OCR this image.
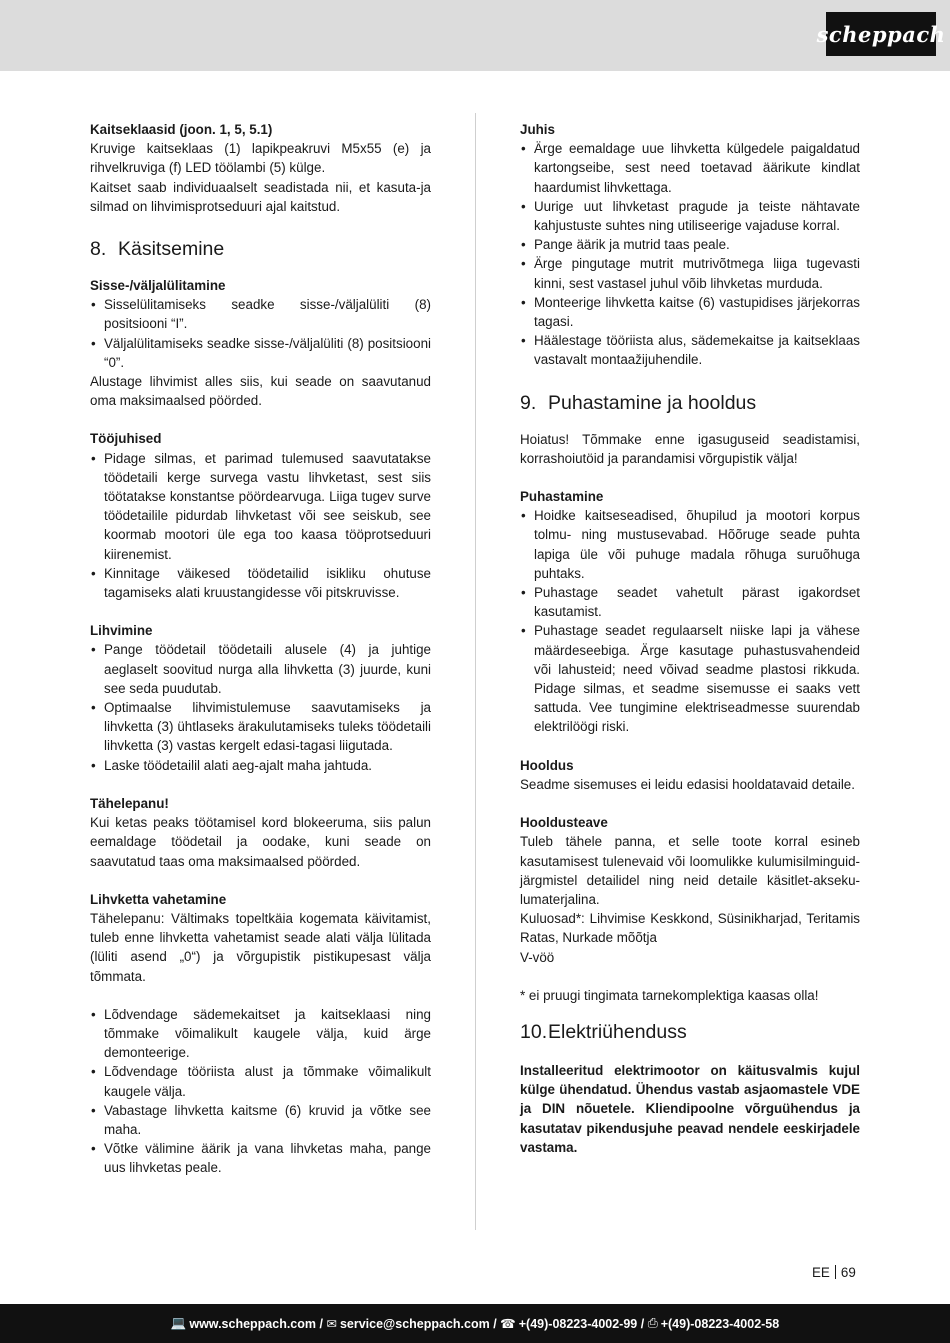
scheppach

Kaitseklaasid (joon. 1, 5, 5.1)

Kruvige kaitseklaas (1) lapikpeakruvi M5x55 (e) ja rihvelkruviga (f) LED töölambi (5) külge.

Kaitset saab individuaalselt seadistada nii, et kasuta-ja silmad on lihvimisprotseduuri ajal kaitstud.

8. Käsitsemine

Sisse-/väljalülitamine

• Sisselülitamiseks seadke sisse-/väljalüliti (8) positsiooni “I”.
• Väljalülitamiseks seadke sisse-/väljalüliti (8) positsiooni “0”.

Alustage lihvimist alles siis, kui seade on saavutanud oma maksimaalsed pöörded.

Tööjuhised

• Pidage silmas, et parimad tulemused saavutatakse töödetaili kerge survega vastu lihvketast, sest siis töötatakse konstantse pöördearvuga. Liiga tugev surve töödetailile pidurdab lihvketast või see seiskub, see koormab mootori üle ega too kaasa tööprotseduuri kiirenemist.
• Kinnitage väikesed töödetailid isikliku ohutuse tagamiseks alati kruustangidesse või pitskruvisse.

Lihvimine

• Pange töödetail töödetaili alusele (4) ja juhtige aeglaselt soovitud nurga alla lihvketta (3) juurde, kuni see seda puudutab.
• Optimaalse lihvimistulemuse saavutamiseks ja lihvketta (3) ühtlaseks ärakulutamiseks tuleks töödetaili lihvketta (3) vastas kergelt edasi-tagasi liigutada.
• Laske töödetailil alati aeg-ajalt maha jahtuda.

Tähelepanu!

Kui ketas peaks töötamisel kord blokeeruma, siis palun eemaldage töödetail ja oodake, kuni seade on saavutatud taas oma maksimaalsed pöörded.

Lihvketta vahetamine

Tähelepanu: Vältimaks topeltkäia kogemata käivitamist, tuleb enne lihvketta vahetamist seade alati välja lülitada (lüliti asend „0“) ja võrgupistik pistikupesast välja tõmmata.

• Lõdvendage sädemekaitset ja kaitseklaasi ning tõmmake võimalikult kaugele välja, kuid ärge demonteerige.
• Lõdvendage tööriista alust ja tõmmake võimalikult kaugele välja.
• Vabastage lihvketta kaitsme (6) kruvid ja võtke see maha.
• Võtke välimine äärik ja vana lihvketas maha, pange uus lihvketas peale.

Juhis

• Ärge eemaldage uue lihvketta külgedele paigaldatud kartongseibe, sest need toetavad äärikute kindlat haardumist lihvkettaga.
• Uurige uut lihvketast pragude ja teiste nähtavate kahjustuste suhtes ning utiliseerige vajaduse korral.
• Pange äärik ja mutrid taas peale.
• Ärge pingutage mutrit mutrivõtmega liiga tugevasti kinni, sest vastasel juhul võib lihvketas murduda.
• Monteerige lihvketta kaitse (6) vastupidises järjekorras tagasi.
• Häälestage tööriista alus, sädemekaitse ja kaitseklaas vastavalt montaažijuhendile.
9. Puhastamine ja hooldus

Hoiatus! Tõmmake enne igasuguseid seadistamisi, korrashoiutöid ja parandamisi võrgupistik välja!

Puhastamine

• Hoidke kaitseseadised, õhupilud ja mootori korpus tolmu- ning mustusevabad. Hõõruge seade puhta lapiga üle või puhuge madala rõhuga suruõhuga puhtaks.
• Puhastage seadet vahetult pärast igakordset kasutamist.
• Puhastage seadet regulaarselt niiske lapi ja vähese määrdeseebiga. Ärge kasutage puhastusvahendeid või lahusteid; need võivad seadme plastosi rikkuda. Pidage silmas, et seadme sisemusse ei saaks vett sattuda. Vee tungimine elektriseadmesse suurendab elektrilöögi riski.

Hooldus

Seadme sisemuses ei leidu edasisi hooldatavaid detaile.

Hooldusteave

Tuleb tähele panna, et selle toote korral esineb kasutamisest tulenevaid või loomulikke kulumisilminguid-järgmistel detailidel ning neid detaile käsitlet-akseku-lumaterjalina.

Kuluosad*: Lihvimise Keskkond, Süsinikharjad, Teritamis Ratas, Nurkade mõõtja

V-vöö

* ei pruugi tingimata tarnekomplektiga kaasas olla!

10. Elektriühenduss

Installeeritud elektrimootor on käitusvalmis kujul külge ühendatud. Ühendus vastab asjaomastele VDE ja DIN nõuetele. Kliendipoolne võrguühendus ja kasutatav pikendusjuhe peavad nendele eeskirjadele vastama.

EE 69
💻 www.scheppach.com
/
✉ service@scheppach.com
/
☎ +(49)-08223-4002-99
/
⎙ +(49)-08223-4002-58
